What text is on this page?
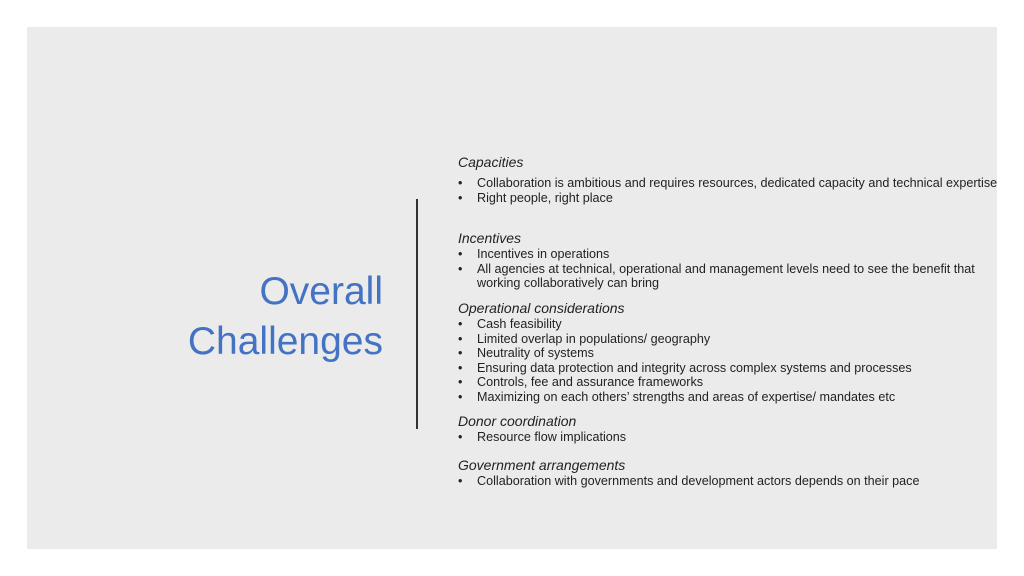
Overall
Challenges

Capacities

• Collaboration is ambitious and requires resources, dedicated capacity and technical expertise
• Right people, right place

Incentives

• Incentives in operations
• All agencies at technical, operational and management levels need to see the benefit that working collaboratively can bring

Operational considerations

• Cash feasibility
• Limited overlap in populations/ geography
• Neutrality of systems
• Ensuring data protection and integrity across complex systems and processes
• Controls, fee and assurance frameworks
• Maximizing on each others’ strengths and areas of expertise/ mandates etc

Donor coordination

• Resource flow implications

Government arrangements

• Collaboration with governments and development actors depends on their pace
